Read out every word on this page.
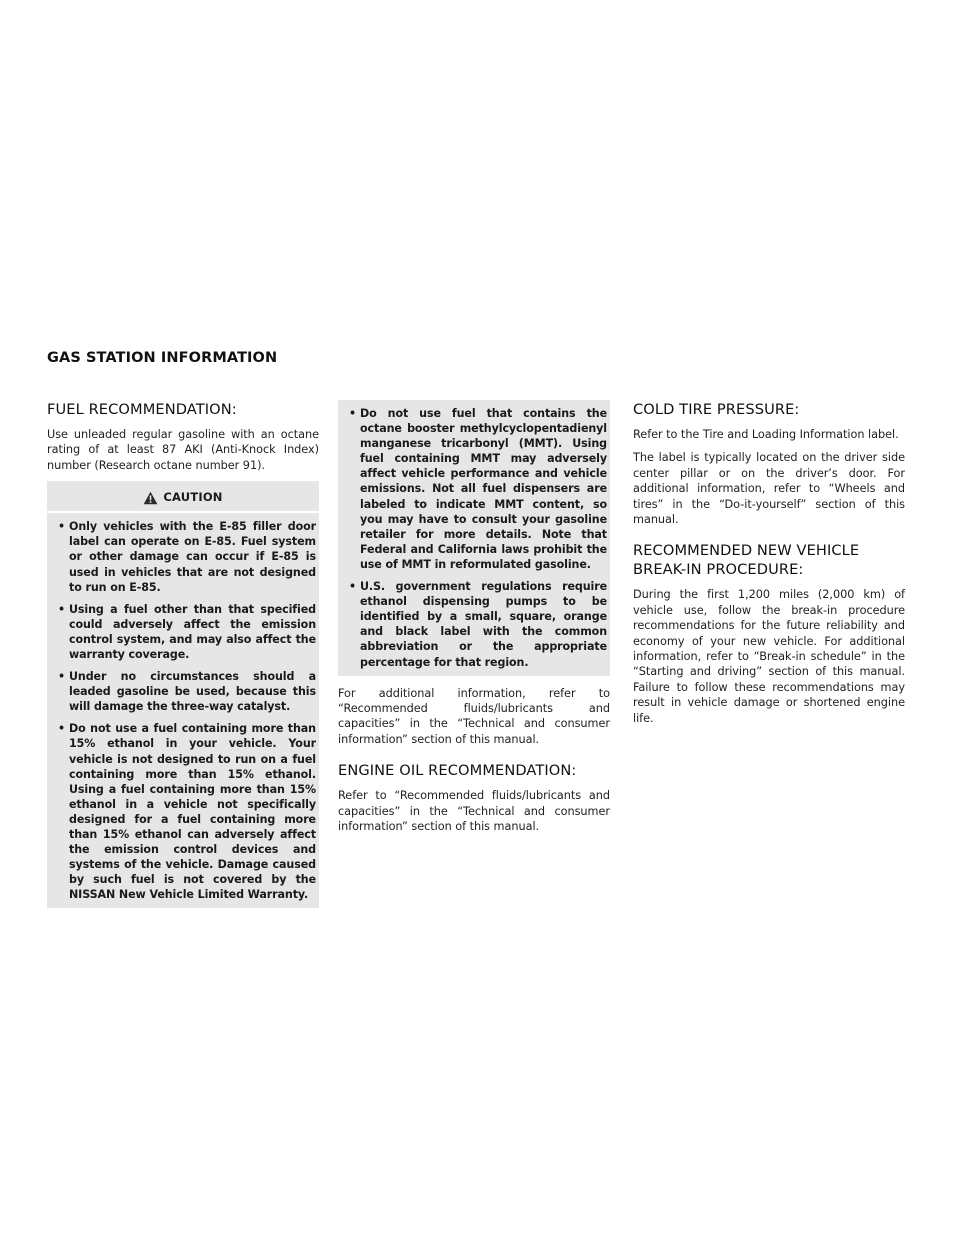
GAS STATION INFORMATION
FUEL RECOMMENDATION:

Use unleaded regular gasoline with an octane rating of at least 87 AKI (Anti-Knock Index) number (Research octane number 91).

CAUTION
• Only vehicles with the E-85 filler door label can operate on E-85. Fuel system or other damage can occur if E-85 is used in vehicles that are not designed to run on E-85.
• Using a fuel other than that specified could adversely affect the emission control system, and may also affect the warranty coverage.
• Under no circumstances should a leaded gasoline be used, because this will damage the three-way catalyst.
• Do not use a fuel containing more than 15% ethanol in your vehicle. Your vehicle is not designed to run on a fuel containing more than 15% ethanol. Using a fuel containing more than 15% ethanol in a vehicle not specifically designed for a fuel containing more than 15% ethanol can adversely affect the emission control devices and systems of the vehicle. Damage caused by such fuel is not covered by the NISSAN New Vehicle Limited Warranty.
• Do not use fuel that contains the octane booster methylcyclopentadienyl manganese tricarbonyl (MMT). Using fuel containing MMT may adversely affect vehicle performance and vehicle emissions. Not all fuel dispensers are labeled to indicate MMT content, so you may have to consult your gasoline retailer for more details. Note that Federal and California laws prohibit the use of MMT in reformulated gasoline.
• U.S. government regulations require ethanol dispensing pumps to be identified by a small, square, orange and black label with the common abbreviation or the appropriate percentage for that region.

For additional information, refer to “Recommended fluids/lubricants and capacities” in the “Technical and consumer information” section of this manual.

ENGINE OIL RECOMMENDATION:

Refer to “Recommended fluids/lubricants and capacities” in the “Technical and consumer information” section of this manual.

COLD TIRE PRESSURE:

Refer to the Tire and Loading Information label.

The label is typically located on the driver side center pillar or on the driver’s door. For additional information, refer to “Wheels and tires” in the “Do-it-yourself” section of this manual.

RECOMMENDED NEW VEHICLE
BREAK-IN PROCEDURE:

During the first 1,200 miles (2,000 km) of vehicle use, follow the break-in procedure recommendations for the future reliability and economy of your new vehicle. For additional information, refer to “Break-in schedule” in the “Starting and driving” section of this manual. Failure to follow these recommendations may result in vehicle damage or shortened engine life.
